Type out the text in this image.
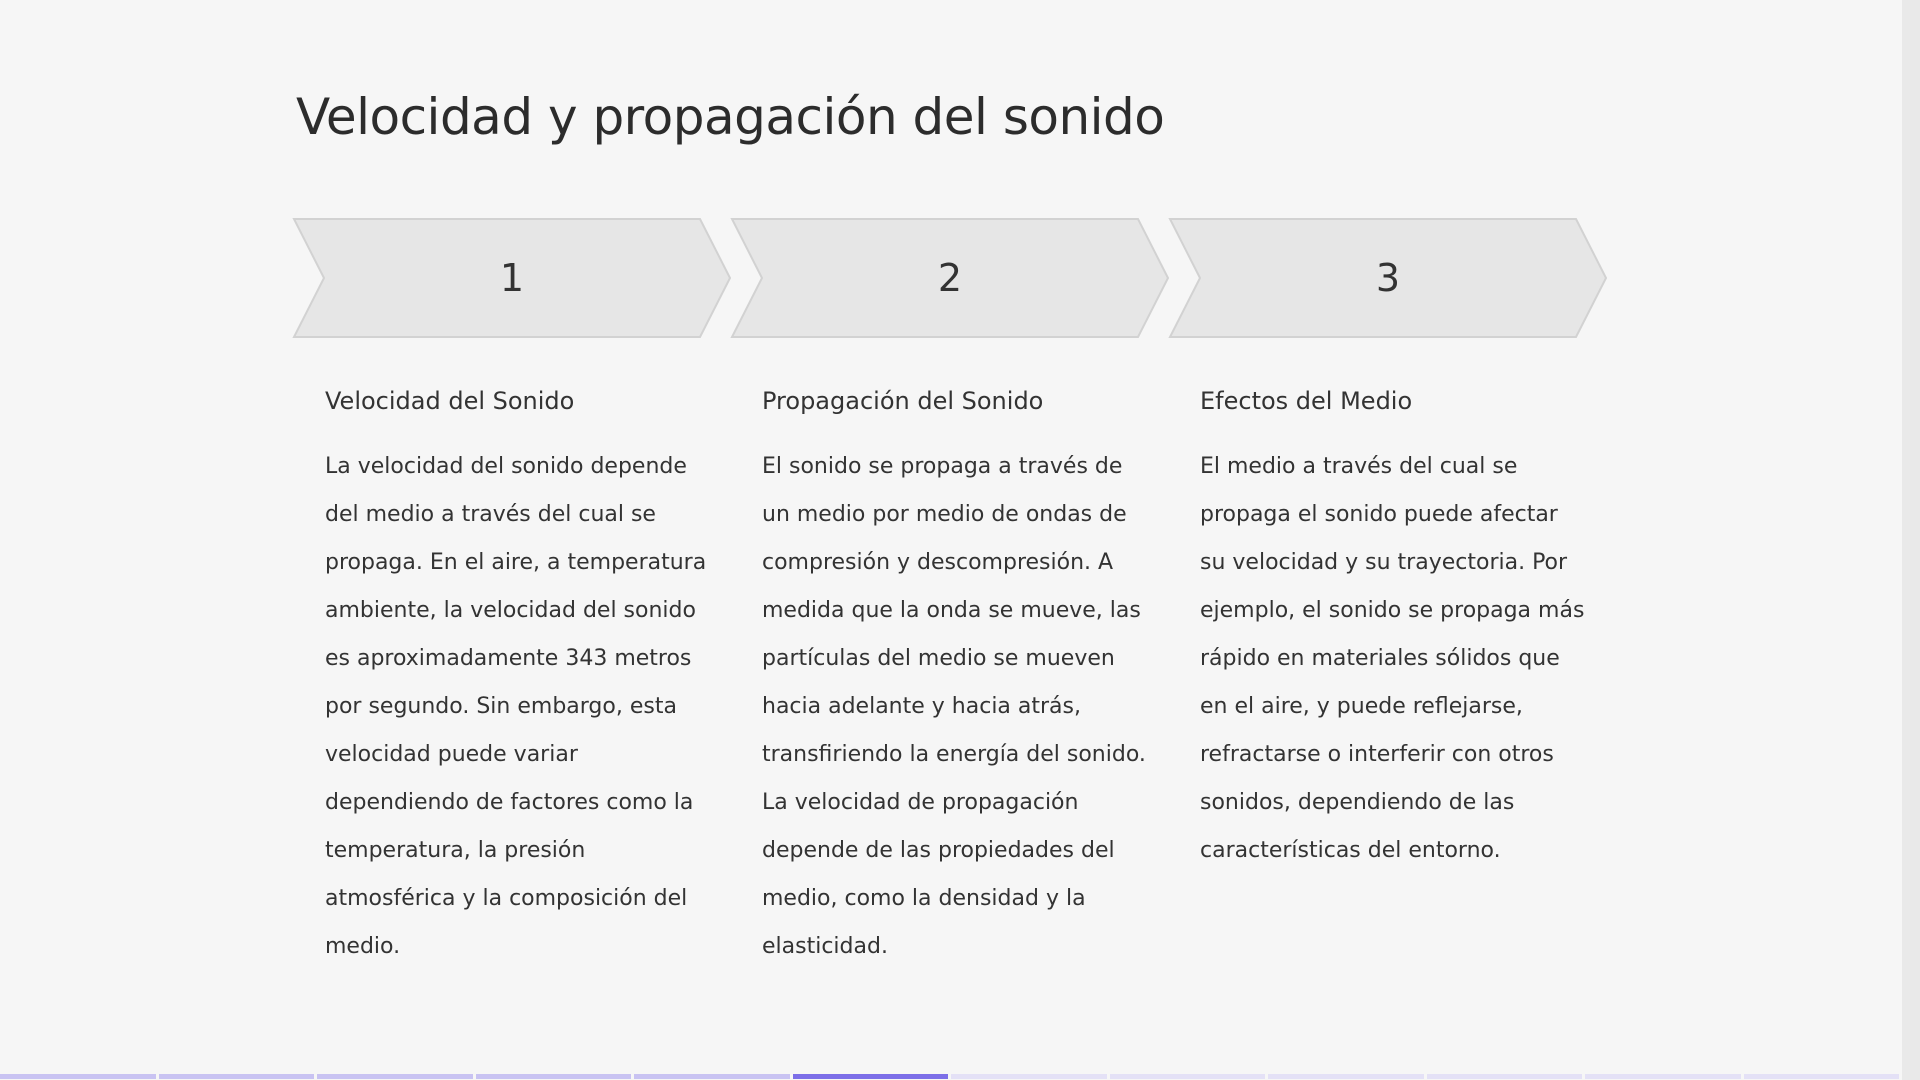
Velocidad y propagación del sonido
1	2	3
Velocidad del Sonido

La velocidad del sonido depende del medio a través del cual se propaga. En el aire, a temperatura ambiente, la velocidad del sonido es aproximadamente 343 metros por segundo. Sin embargo, esta velocidad puede variar dependiendo de factores como la temperatura, la presión atmosférica y la composición del medio.

Propagación del Sonido

El sonido se propaga a través de un medio por medio de ondas de compresión y descompresión. A medida que la onda se mueve, las partículas del medio se mueven hacia adelante y hacia atrás, transfiriendo la energía del sonido. La velocidad de propagación depende de las propiedades del medio, como la densidad y la elasticidad.

Efectos del Medio

El medio a través del cual se propaga el sonido puede afectar su velocidad y su trayectoria. Por ejemplo, el sonido se propaga más rápido en materiales sólidos que en el aire, y puede reflejarse, refractarse o interferir con otros sonidos, dependiendo de las características del entorno.
